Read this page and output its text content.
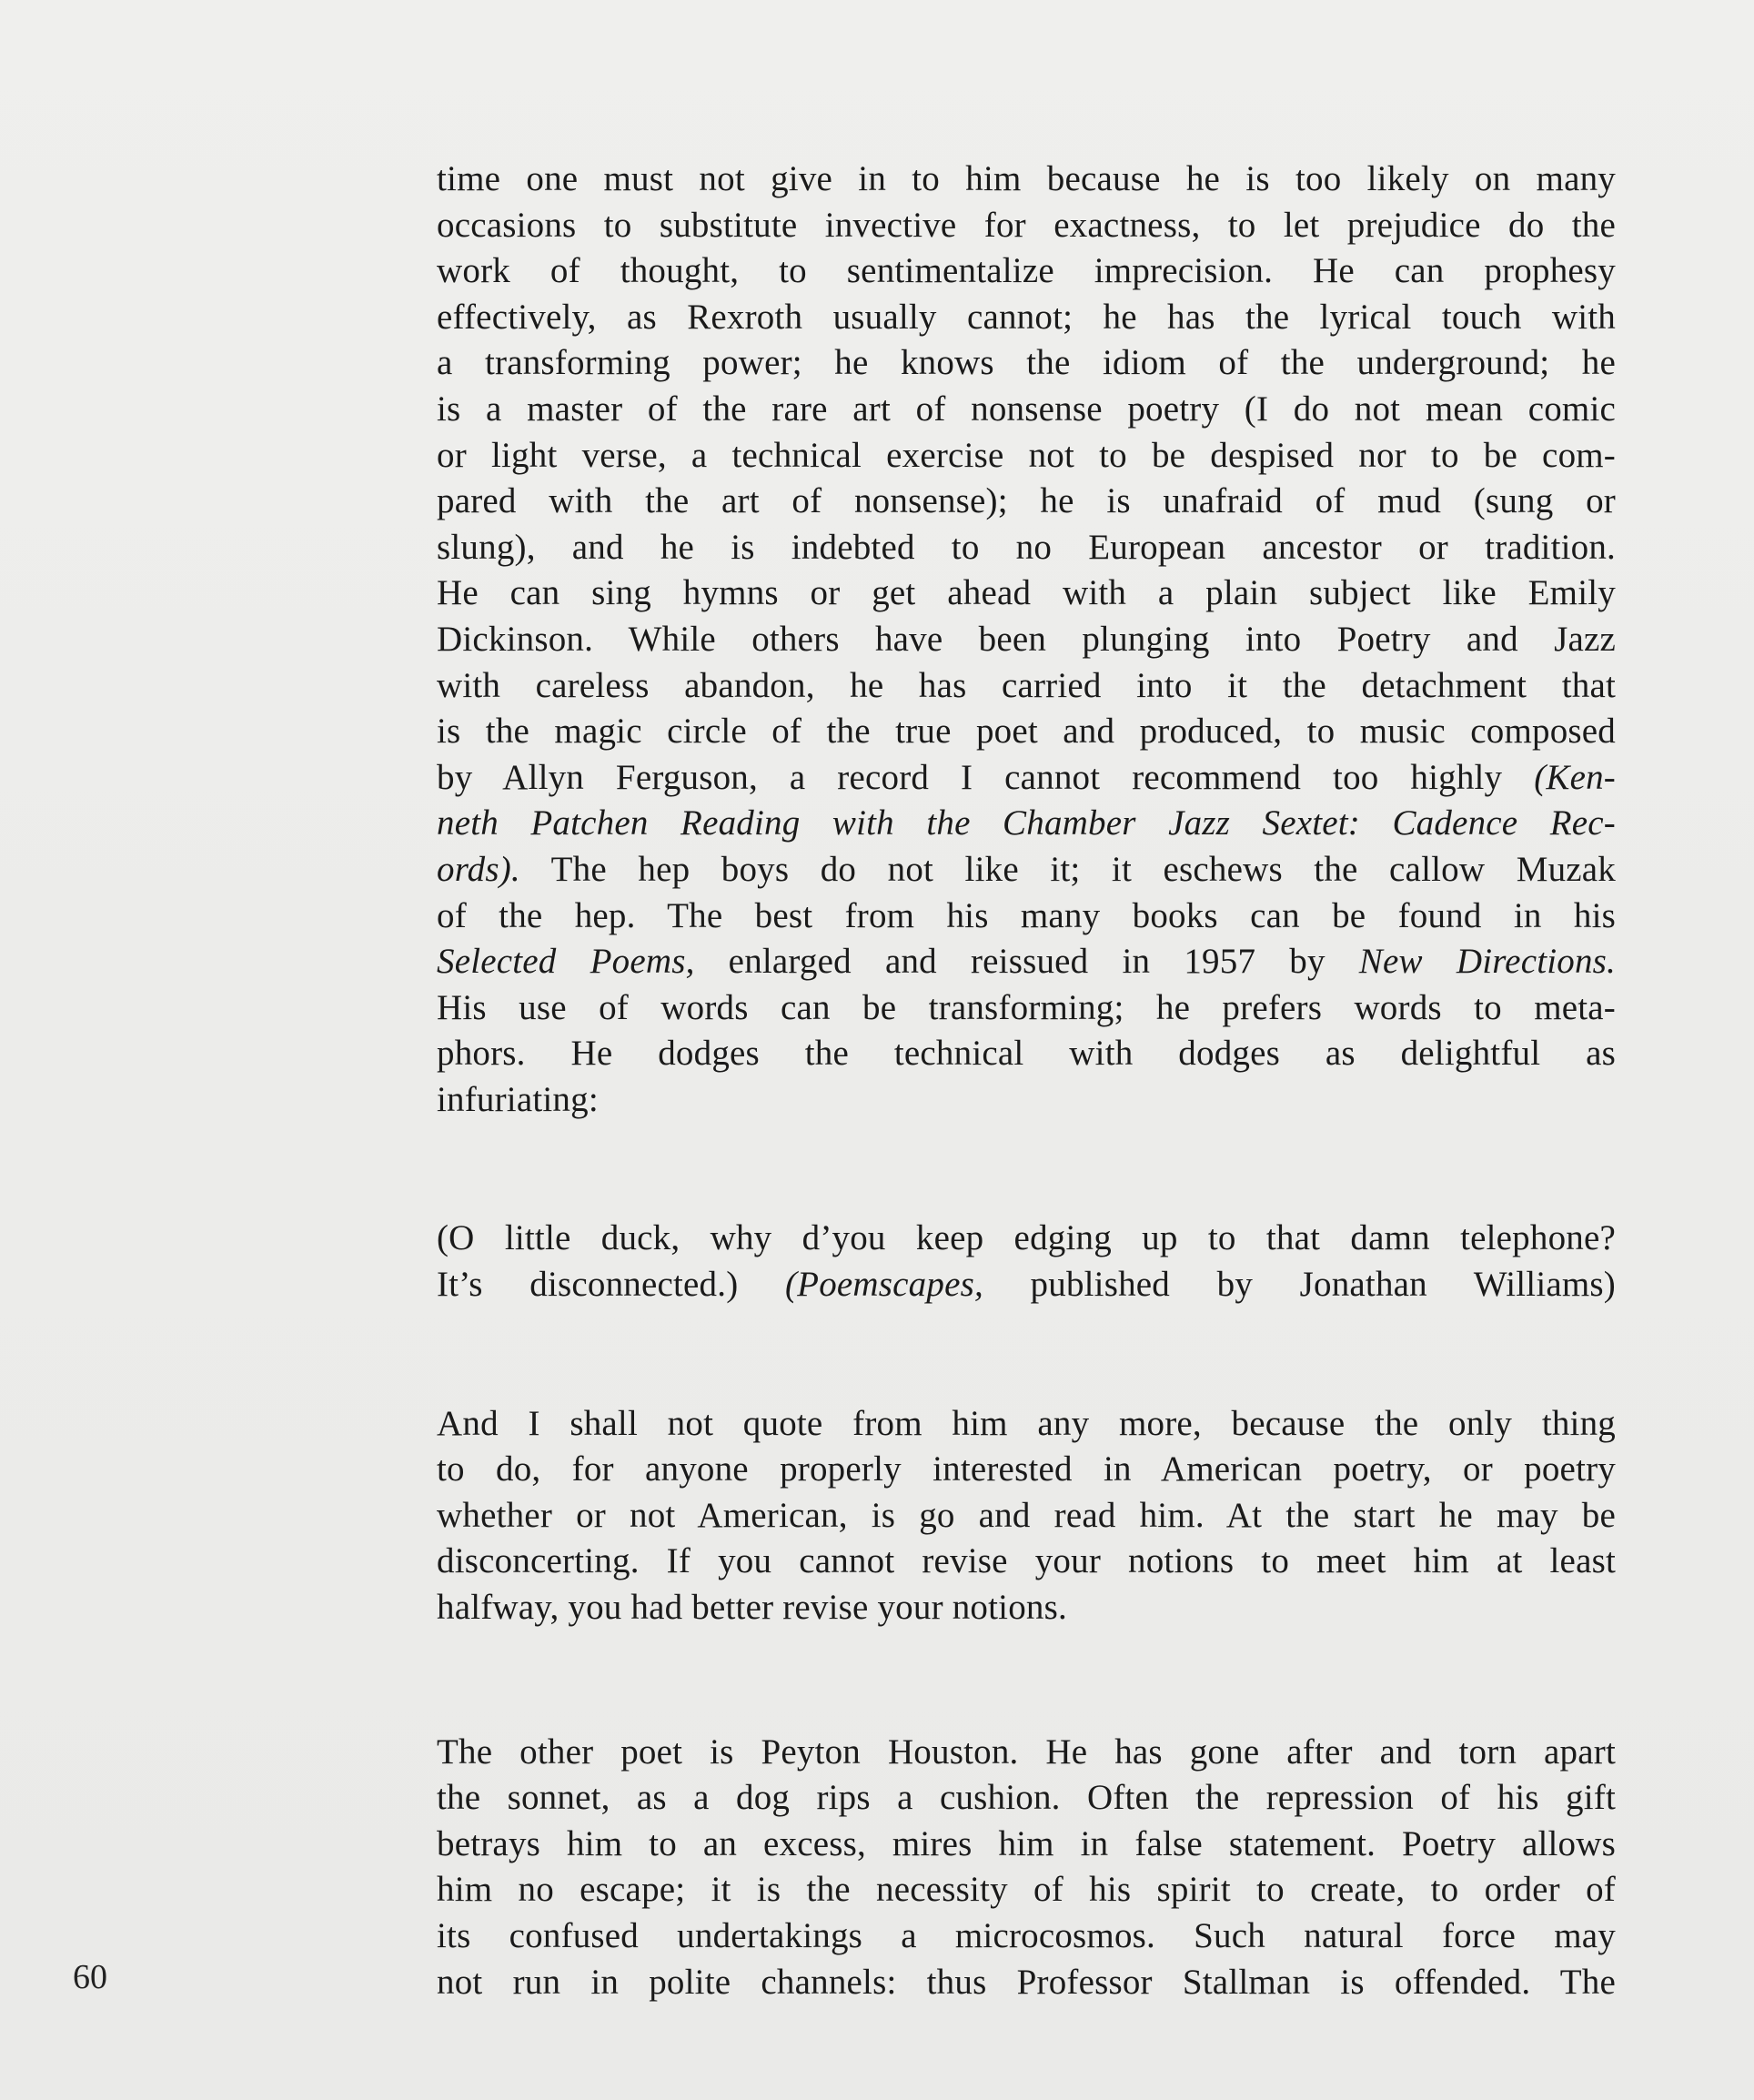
time one must not give in to him because he is too likely on many
occasions to substitute invective for exactness, to let prejudice do the
work of thought, to sentimentalize imprecision. He can prophesy
effectively, as Rexroth usually cannot; he has the lyrical touch with
a transforming power; he knows the idiom of the underground; he
is a master of the rare art of nonsense poetry (I do not mean comic
or light verse, a technical exercise not to be despised nor to be com-
pared with the art of nonsense); he is unafraid of mud (sung or
slung), and he is indebted to no European ancestor or tradition.
He can sing hymns or get ahead with a plain subject like Emily
Dickinson. While others have been plunging into Poetry and Jazz
with careless abandon, he has carried into it the detachment that
is the magic circle of the true poet and produced, to music composed
by Allyn Ferguson, a record I cannot recommend too highly (Ken-
neth Patchen Reading with the Chamber Jazz Sextet: Cadence Rec-
ords). The hep boys do not like it; it eschews the callow Muzak
of the hep. The best from his many books can be found in his
Selected Poems, enlarged and reissued in 1957 by New Directions.
His use of words can be transforming; he prefers words to meta-
phors. He dodges the technical with dodges as delightful as
infuriating:
(O little duck, why d’you keep edging up to that damn telephone?
It’s disconnected.) (Poemscapes, published by Jonathan Williams)
And I shall not quote from him any more, because the only thing
to do, for anyone properly interested in American poetry, or poetry
whether or not American, is go and read him. At the start he may be
disconcerting. If you cannot revise your notions to meet him at least
halfway, you had better revise your notions.
The other poet is Peyton Houston. He has gone after and torn apart
the sonnet, as a dog rips a cushion. Often the repression of his gift
betrays him to an excess, mires him in false statement. Poetry allows
him no escape; it is the necessity of his spirit to create, to order of
its confused undertakings a microcosmos. Such natural force may
not run in polite channels: thus Professor Stallman is offended. The
60
